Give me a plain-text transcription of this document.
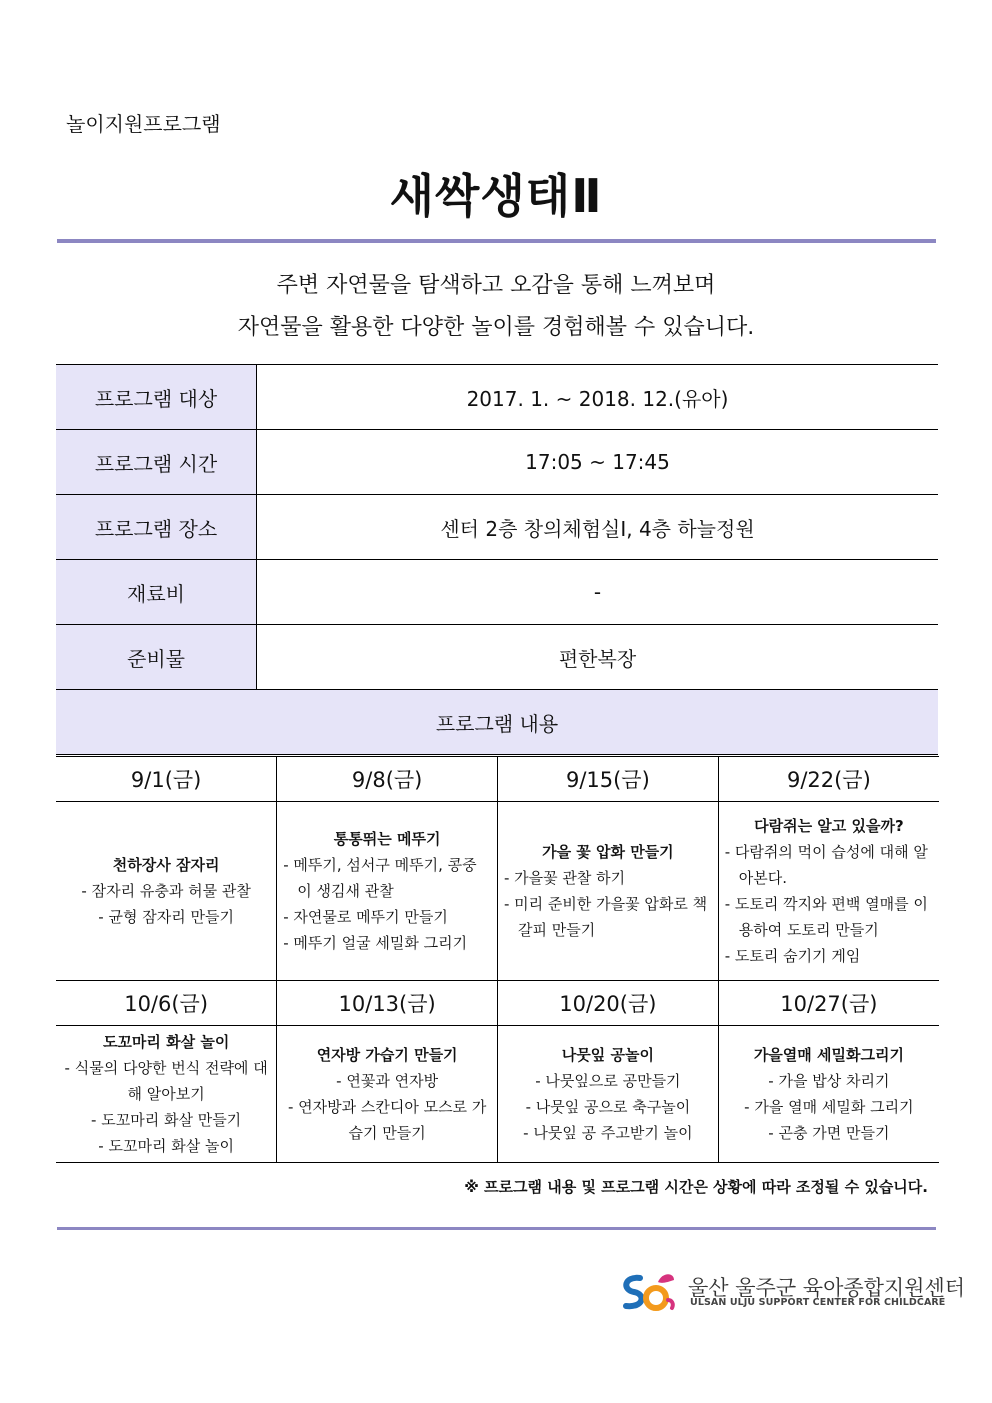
놀이지원프로그램
새싹생태Ⅱ
주변 자연물을 탐색하고 오감을 통해 느껴보며
자연물을 활용한 다양한 놀이를 경험해볼 수 있습니다.
프로그램 대상	2017. 1. ~ 2018. 12.(유아)
프로그램 시간	17:05 ~ 17:45
프로그램 장소	센터 2층 창의체험실Ⅰ, 4층 하늘정원
재료비	-
준비물	편한복장
프로그램 내용	
9/1(금)	9/8(금)	9/15(금)	9/22(금)

천하장사 잠자리
- 잠자리 유충과 허물 관찰
- 균형 잠자리 만들기	통통뛰는 메뚜기
- 메뚜기, 섬서구 메뚜기, 콩중이 생김새 관찰
- 자연물로 메뚜기 만들기
- 메뚜기 얼굴 세밀화 그리기	가을 꽃 압화 만들기
- 가을꽃 관찰 하기
- 미리 준비한 가을꽃 압화로 책갈피 만들기	다람쥐는 알고 있을까?
- 다람쥐의 먹이 습성에 대해 알아본다.
- 도토리 깍지와 편백 열매를 이용하여 도토리 만들기
- 도토리 숨기기 게임

10/6(금)	10/13(금)	10/20(금)	10/27(금)

도꼬마리 화살 놀이
- 식물의 다양한 번식 전략에 대해 알아보기
- 도꼬마리 화살 만들기
- 도꼬마리 화살 놀이	연자방 가습기 만들기
- 연꽃과 연자방
- 연자방과 스칸디아 모스로 가습기 만들기	나뭇잎 공놀이
- 나뭇잎으로 공만들기
- 나뭇잎 공으로 축구놀이
- 나뭇잎 공 주고받기 놀이	가을열매 세밀화그리기
- 가을 밥상 차리기
- 가을 열매 세밀화 그리기
- 곤충 가면 만들기
※ 프로그램 내용 및 프로그램 시간은 상황에 따라 조정될 수 있습니다.
울산 울주군 육아종합지원센터
ULSAN ULJU SUPPORT CENTER FOR CHILDCARE
